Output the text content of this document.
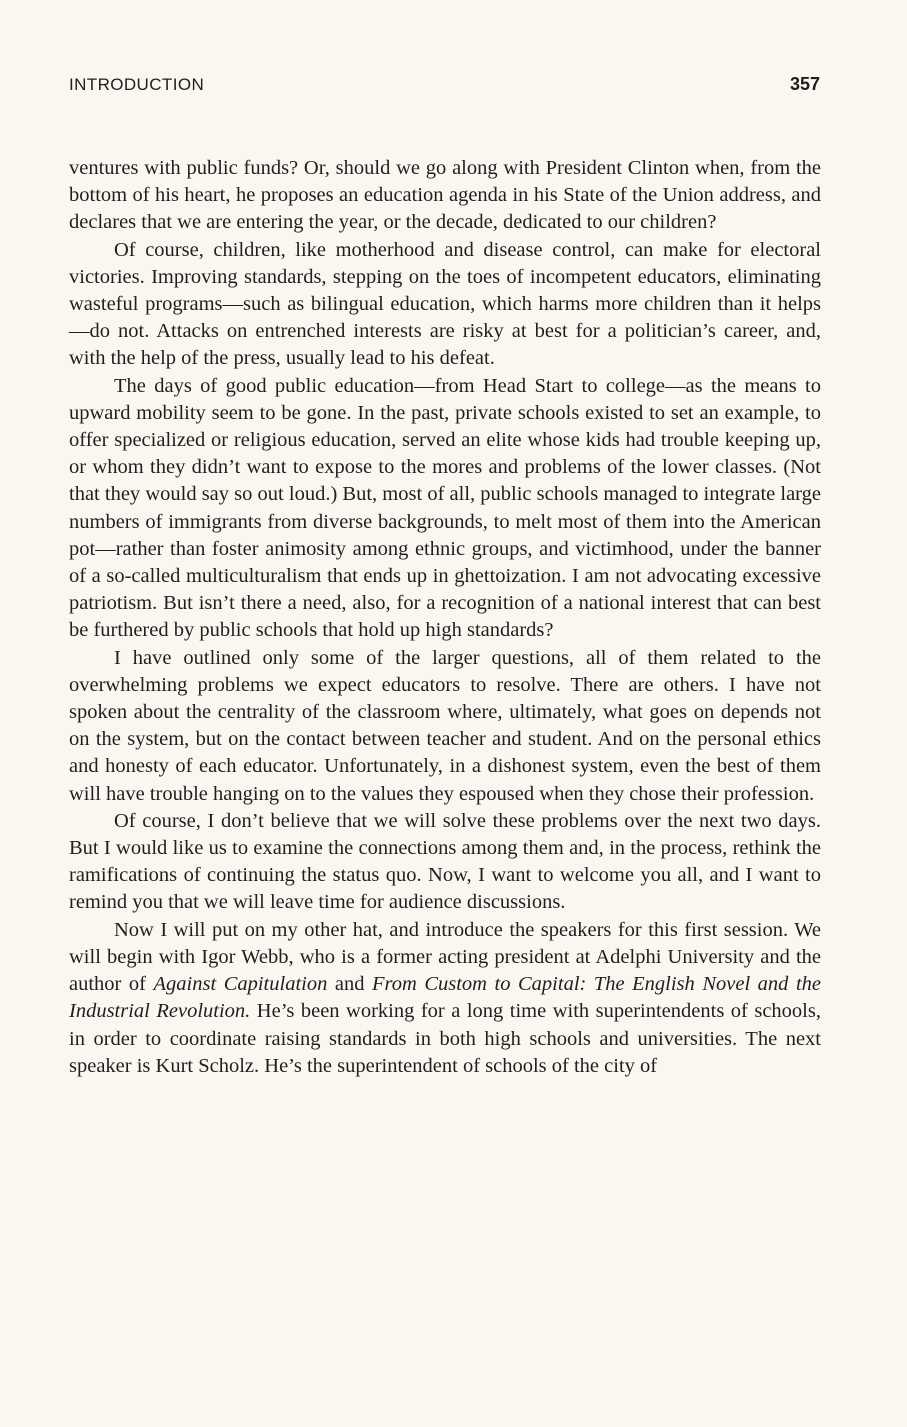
INTRODUCTION	357

ventures with public funds? Or, should we go along with President Clinton when, from the bottom of his heart, he proposes an education agenda in his State of the Union address, and declares that we are entering the year, or the decade, dedicated to our children?

Of course, children, like motherhood and disease control, can make for electoral victories. Improving standards, stepping on the toes of incompetent educators, eliminating wasteful programs—such as bilingual education, which harms more children than it helps—do not. Attacks on entrenched interests are risky at best for a politician’s career, and, with the help of the press, usually lead to his defeat.

The days of good public education—from Head Start to college—as the means to upward mobility seem to be gone. In the past, private schools existed to set an example, to offer specialized or religious education, served an elite whose kids had trouble keeping up, or whom they didn’t want to expose to the mores and problems of the lower classes. (Not that they would say so out loud.) But, most of all, public schools managed to integrate large numbers of immigrants from diverse backgrounds, to melt most of them into the American pot—rather than foster animosity among ethnic groups, and victimhood, under the banner of a so-called multiculturalism that ends up in ghettoization. I am not advocating excessive patriotism. But isn’t there a need, also, for a recognition of a national interest that can best be furthered by public schools that hold up high standards?

I have outlined only some of the larger questions, all of them related to the overwhelming problems we expect educators to resolve. There are others. I have not spoken about the centrality of the classroom where, ultimately, what goes on depends not on the system, but on the contact between teacher and student. And on the personal ethics and honesty of each educator. Unfortunately, in a dishonest system, even the best of them will have trouble hanging on to the values they espoused when they chose their profession.

Of course, I don’t believe that we will solve these problems over the next two days. But I would like us to examine the connections among them and, in the process, rethink the ramifications of continuing the status quo. Now, I want to welcome you all, and I want to remind you that we will leave time for audience discussions.

Now I will put on my other hat, and introduce the speakers for this first session. We will begin with Igor Webb, who is a former acting president at Adelphi University and the author of Against Capitulation and From Custom to Capital: The English Novel and the Industrial Revolution. He’s been working for a long time with superintendents of schools, in order to coordinate raising standards in both high schools and universities. The next speaker is Kurt Scholz. He’s the superintendent of schools of the city of
